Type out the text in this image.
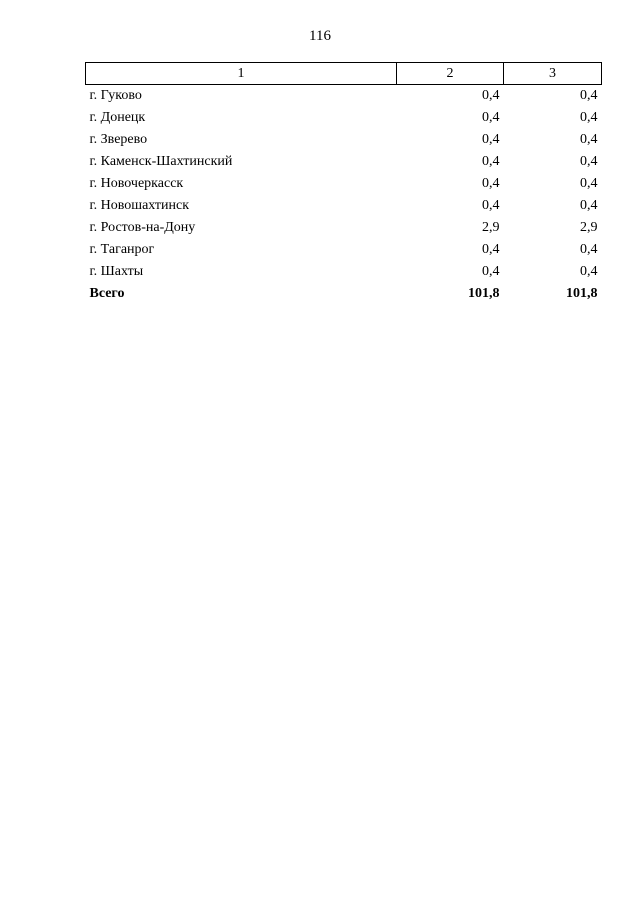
116
1	2	3
г. Гуково	0,4	0,4
г. Донецк	0,4	0,4
г. Зверево	0,4	0,4
г. Каменск-Шахтинский	0,4	0,4
г. Новочеркасск	0,4	0,4
г. Новошахтинск	0,4	0,4
г. Ростов-на-Дону	2,9	2,9
г. Таганрог	0,4	0,4
г. Шахты	0,4	0,4
Всего	101,8	101,8
